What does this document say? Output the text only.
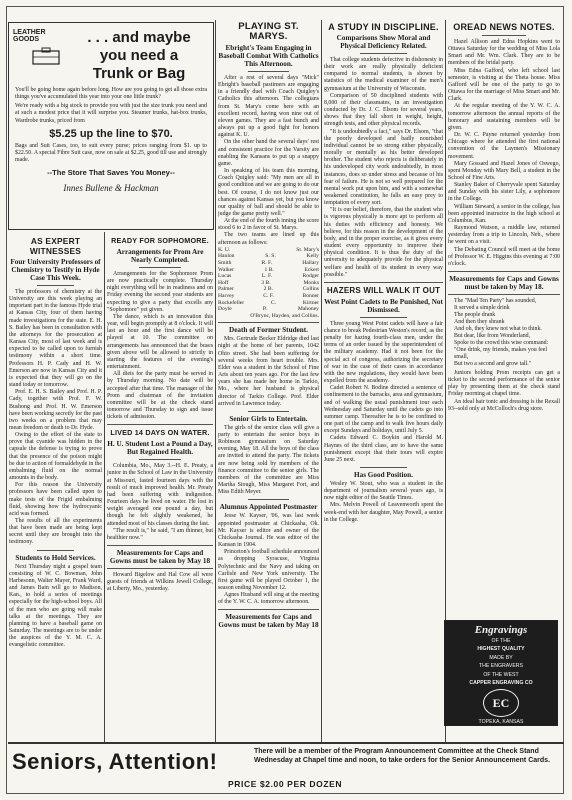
LEATHER
GOODS	. . . and maybe
you need a
Trunk or Bag

You'll be going home again before long. How are you going to get all those extra things you've accumulated this year into your one little trunk?

We're ready with a big stock to provide you with just the size trunk you need and at such a modest price that it will surprise you. Steamer trunks, hat-box trunks, Wardrobe trunks, priced from

$5.25 up the line to $70.

Bags and Suit Cases, too, to suit every purse; prices ranging from $1. up to $22.50. A special Fibre Suit case, now on sale at $2.25, good till use and strongly made.

--The Store That Saves You Money--
Innes Bullene & Hackman
AS EXPERT WITNESSES
Four University Professors of Chemistry to Testify in Hyde Case This Week.

The professors of chemistry at the University are this week playing an important part in the famous Hyde trial at Kansas City, four of them having made investigations for the state. E. H. S. Bailey has been in consultation with the attorneys for the prosecution at Kansas City, most of last week and is expected to be called upon to furnish testimony within a short time. Professors H. P. Cady and H. W. Emerson are now in Kansas City and it is expected that they will go on the stand today or tomorrow.

Prof. E. H. S. Bailey and Prof. H. P. Cady, together with Prof. F. W. Bushong and Prof. H. W. Emerson have been working secretly for the past two weeks on a problem that may mean freedom or death to Dr. Hyde.

Owing to the effort of the state to prove that cyanide was hidden in the capsule the defense is trying to prove that the presence of the poison might be due to action of formaldehyde in the embalming fluid on the normal amounts in the body.

For this reason the University professors have been called upon to make tests of the Frigid embalming fluid, showing how the hydrocyanic acid was formed.

The results of all the experiments that have been made are being kept secret until they are brought into the testimony.

Students to Hold Services.

Next Thursday night a gospel team consisting of W. C. Bowman, John Harbesonn, Walter Mayer, Frank Ward, and James Bain will go to Madison, Kan., to hold a series of meetings especially for the high-school boys. All of the men who are going will make talks at the meetings. They are planning to have a baseball game on Saturday. The meetings are to be under the auspices of the Y. M. C. A. evangelistic committee.

READY FOR SOPHOMORE.
Arrangements for Prom Are Nearly Completed.

Arrangements for the Sophomore Prom are now practically complete. Thursday night everything will be in readiness and on Friday evening the second year students are expecting to give a party that excells any "Sophomore" yet given.

The dance, which is an innovation this year, will begin promptly at 8 o'clock. It will last an hour and the first dance will be played at 10. The committee on arrangements has announced that the buses given above will be allowed to strictly in starting the features of the evening's entertainment.

All diets for the party must be served in by Thursday morning. No date will be accepted after that time. The manager of the Prom and chairman of the invitation committee will be at the check stand tomorrow and Thursday to sign and issue tickets of admission.

LIVED 14 DAYS ON WATER.
H. U. Student Lost a Pound a Day, But Regained Health.

Columbia, Mo., May 3.--H. E. Preaty, a junior in the School of Law in the University at Missouri, fasted fourteen days with the result of much improved health. Mr. Preaty had been suffering with indigestion. Fourteen days he lived on water. He lost in weight averaged one pound a day, but though he felt slightly weakened, he attended most of his classes during the fast.

"The result is," he said, "I am thinner, but healthier now."

Measurements for Caps and Gowns must be taken by May 18

Howard Bigelow and Hal Cow all were guests of friends at Wilkins Jewell College, at Liberty, Mo., yesterday.

PLAYING ST. MARYS.
Ebright's Team Engaging in Baseball Combat With Catholics This Afternoon.

After a rest of several days "Mick" Ebright's baseball pastimers are engaging in a friendly duel with Coach Quigley's Catholics this afternoon. The collegians from St. Mary's come here with an excellent record, having won nine out of eleven games. They are a fast bunch and always put up a good fight for honors against K. U.

On the other hand the several days' rest and consistent practice for the Varsity are enabling the Kansans to put up a snappy game.

In speaking of his team this morning, Coach Quigley said: "My men are all in good condition and we are going to do our best. Of course, I do not know just our chances against Kansas yet, but you know our quality of ball and should be able to judge the game pretty well."

At the end of the fourth inning the score stood 6 to 2 in favor of St. Marys.

The two teams are lined up this afternoon as follows:

K. U.	St. Mary's
Hanlon	S. S.	Kelly
Smith	R. F.	Hallary
Walker	1 B.	Eckert
Lucas	L. F.	Rodger
Hoff	3 B.	Monks
Palmer	2 B.	Collins
Harvey	C. F.	Bonner
Rockefeller	C.	Kirtner
Doyle	P.	Mahoney
O'Brync, Hayden, and Collins.
Death of Former Student.

Mrs. Gertrude Becker Eldridge died last night at the home of her parents, 1042 Ohio street. She had been suffering for several weeks from heart trouble. Mrs. Elder was a student in the School of Fine Arts about ten years ago. For the last few years she has made her home in Tarkio, Mo., where her husband is physical director of Tarkio College. Prof. Elder arrived in Lawrence today.

Senior Girls to Entertain.

The girls of the senior class will give a party to entertain the senior boys in Robinson gymnasium on Saturday evening, May 18. All the boys of the class are invited to attend the party. The tickets are now being sold by members of the finance committee to the senior girls. The members of the committee are Miss Martha Stough, Miss Margaret Fort, and Miss Edith Meyer.

Alumnus Appointed Postmaster

Jesse W. Kayser, '06, was last week appointed postmaster at Chickasha, Ok. Mr. Kayser is editor and owner of the Chickasha Journal. He was editor of the Kansan in 1904.

Princeton's football schedule announced as dropping Syracuse, Virginia Polytechnic and the Navy and taking on Carlisle and New York university. The first game will be played October 1, the season ending November 12.

Agnes Husband will sing at the meeting of the Y. W. C. A. tomorrow afternoon.

Measurements for Caps and Gowns must be taken by May 18
A STUDY IN DISCIPLINE.
Comparisons Show Moral and Physical Deficiency Related.

That college students defective in dishonesty in their work are really physically deficient compared to normal students, is shown by statistics of the medical examiner of the men's gymnasium at the University of Wisconsin.

Comparison of 50 disciplined students with 8,000 of their classmates, in an investigation conducted by Dr. J. C. Elsom for several years, shows that they fall short in weight, height, strength tests, and other physical records.

"It is undoubtedly a fact," says Dr. Elsom, "that the poorly developed and badly nourished individual cannot be so strong either physically, morally or mentally as his better developed brother. The student who rejects is deliberately in his undeveloped city work undoubtedly, in most instances, does so under stress and because of his fear of failure. He is not so well prepared for the mental work put upon him, and with a somewhat weakened constitution, he falls an easy prey to temptation of every sort.

"It is our belief, therefore, that the student who is vigorous physically is more apt to perform all his duties with efficiency and honesty. We believe, for this reason in the development of the body, and in the proper exercise, as it gives every student every opportunity to improve their physical condition. It is thus the duty of the university to adequately provide for the physical welfare and health of its student in every way possible."

HAZERS WILL WALK IT OUT
West Point Cadets to Be Punished, Not Dismissed.

Three young West Point cadets will have a fair chance to break Pedestrian Weston's record, as the penalty for hazing fourth-class men, under the terms of an order issued by the superintendent of the military academy. Had it not been for the special act of congress, authorizing the secretary of war in the case of their cases in accordance with the new regulations, they would have been expelled from the academy.

Cadet Robert N. Bodine directed a sentence of confinement to the barracks, area and gymnasium, and of walking the usual punishment tour each Wednesday and Saturday until the cadets go into summer camp. Thereafter he is to be confined to one part of the camp and to walk five hours daily except Sundays and holidays, until July 5.

Cadets Edward C. Boykin and Harold M. Haynes of the third class, are to have the same punishment except that their tours will expire June 25 next.

Has Good Position.

Wesley W. Stout, who was a student in the department of journalism several years ago, is now night editor of the Seattle Times.

Mrs. Melvin Powell of Leavenworth spent the week-end with her daughter, May Powell, a senior in the College.

OREAD NEWS NOTES.

Hazel Allison and Edna Hopkins went to Ottawa Saturday for the wedding of Miss Lola Smart and Mr. Wm. Clark. They are to be members of the bridal party.

Miss Edna Gafford, who left school last semester, is visiting at the Theta house. Miss Gafford will be one of the party to go to Ottawa for the marriage of Miss Smart and Mr. Clark.

At the regular meeting of the Y. W. C. A. tomorrow afternoon the annual reports of the honorary and sustaining members will be given.

Dr. W. C. Payne returned yesterday from Chicago where he attended the first national convention of the Laymen's Missionary movement.

Mary Gossard and Hazel Jones of Oswego, spent Monday with Mary Bell, a student in the School of Fine Arts.

Stanley Baker of Cherryvale spent Saturday and Sunday with his sister Lily, a sophomore in the College.

William Steward, a senior in the college, has been appointed instructor in the high school at Columbus, Kan.

Raymond Watson, a middle law, returned yesterday from a trip to Lincoln, Neb., where he went on a visit.

The Debating Council will meet at the home of Professor W. E. Higgins this evening at 7:00 o'clock.

Measurements for Caps and Gowns must be taken by May 18.
The "Mad Ten Party" has sounded,
It served a simple drink
The people drank
And then they shrank
And oh, they knew not what to think.
But dear, like from Wonderland,
Spoke to the crowd this wise command:
"One drink, my friends, makes you feel small,
But two a second and grow tall."

Juniors holding Prom receipts can get a ticket to the second performance of the senior play by presenting them at the check stand Friday morning at chapel time.

An ideal hair tonic and dressing is the Rexall 93--sold only at McColloch's drug store.

Engravings
OF THE
HIGHEST QUALITY
MADE BY
THE ENGRAVERS
OF THE WEST
CAPPER ENGRAVING CO
EC
TOPEKA, KANSAS
Seniors, Attention!	There will be a member of the Program Announcement Committee at the Check Stand Wednesday at Chapel time and noon, to take orders for the Senior Announcement Cards.
PRICE $2.00 PER DOZEN
